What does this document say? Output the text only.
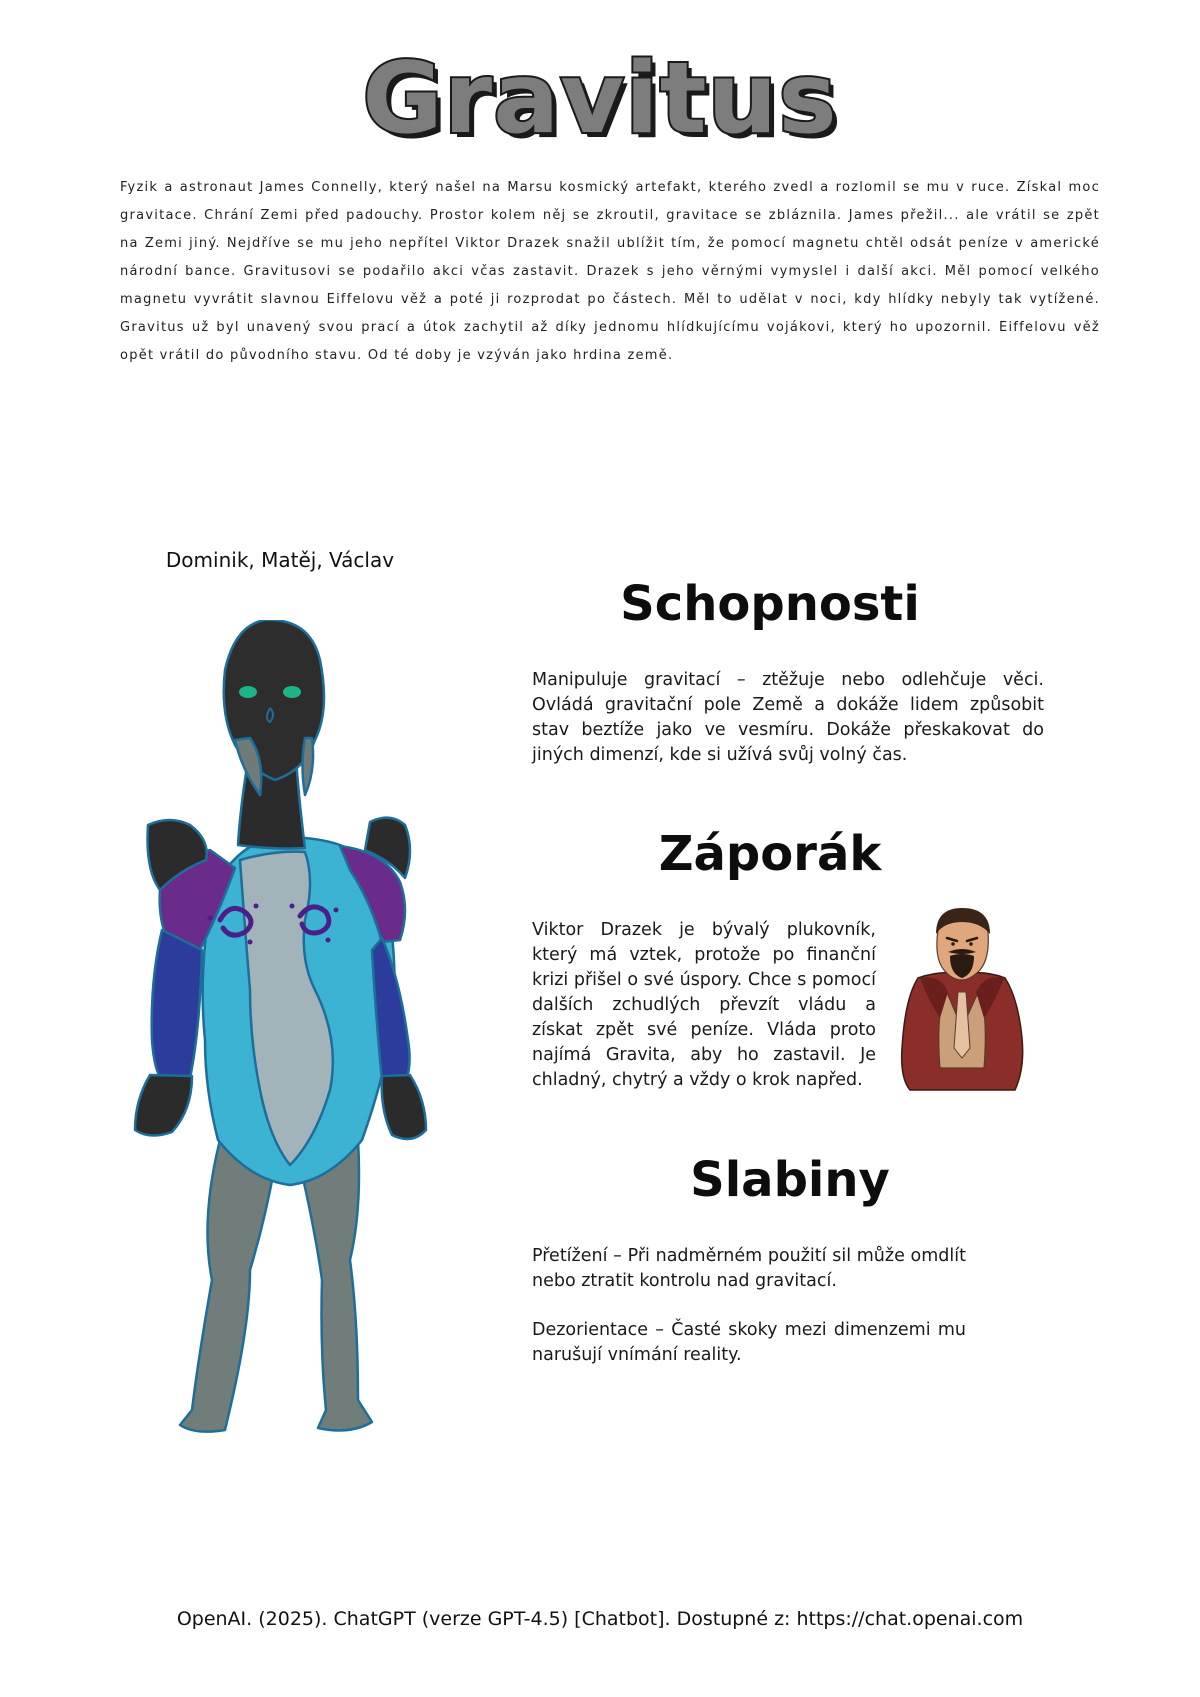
Gravitus
Fyzik a astronaut James Connelly, který našel na Marsu kosmický artefakt, kterého zvedl a rozlomil se mu v ruce. Získal moc gravitace. Chrání Zemi před padouchy. Prostor kolem něj se zkroutil, gravitace se zbláznila. James přežil... ale vrátil se zpět na Zemi jiný. Nejdříve se mu jeho nepřítel Viktor Drazek snažil ublížit tím, že pomocí magnetu chtěl odsát peníze v americké národní bance. Gravitusovi se podařilo akci včas zastavit. Drazek s jeho věrnými vymyslel i další akci. Měl pomocí velkého magnetu vyvrátit slavnou Eiffelovu věž a poté ji rozprodat po částech. Měl to udělat v noci, kdy hlídky nebyly tak vytížené. Gravitus už byl unavený svou prací a útok zachytil až díky jednomu hlídkujícímu vojákovi, který ho upozornil. Eiffelovu věž opět vrátil do původního stavu. Od té doby je vzýván jako hrdina země.
Dominik, Matěj, Václav
Schopnosti
Manipuluje gravitací – ztěžuje nebo odlehčuje věci. Ovládá gravitační pole Země a dokáže lidem způsobit stav beztíže jako ve vesmíru. Dokáže přeskakovat do jiných dimenzí, kde si užívá svůj volný čas.
Záporák
Viktor Drazek je bývalý plukovník, který má vztek, protože po finanční krizi přišel o své úspory. Chce s pomocí dalších zchudlých převzít vládu a získat zpět své peníze. Vláda proto najímá Gravita, aby ho zastavil. Je chladný, chytrý a vždy o krok napřed.
Slabiny
Přetížení – Při nadměrném použití sil může omdlít nebo ztratit kontrolu nad gravitací.
Dezorientace – Časté skoky mezi dimenzemi mu narušují vnímání reality.
OpenAI. (2025). ChatGPT (verze GPT-4.5) [Chatbot]. Dostupné z: https://chat.openai.com
